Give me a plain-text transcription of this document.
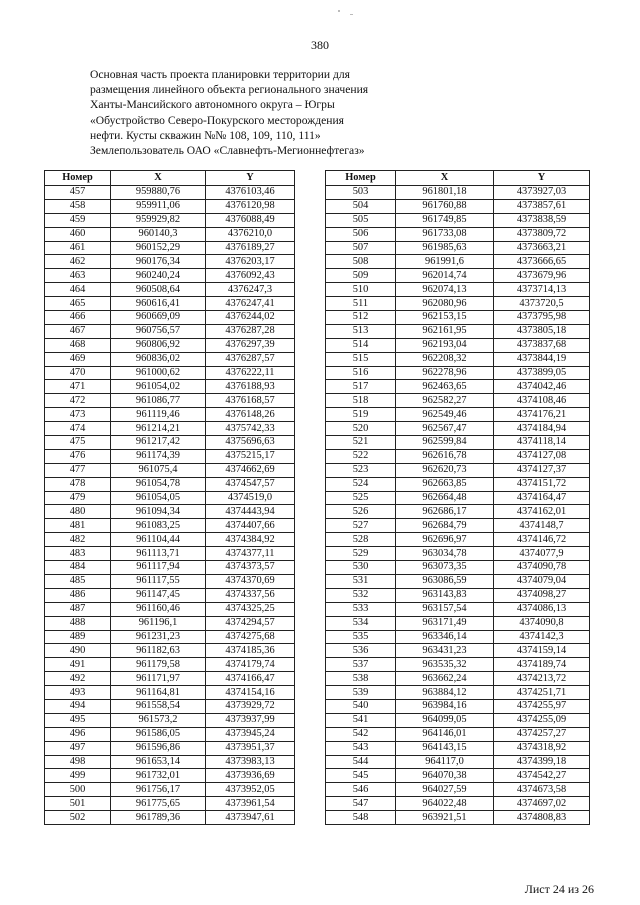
380
Основная часть проекта планировки территории для
размещения линейного объекта регионального значения
Ханты-Мансийского автономного округа – Югры
«Обустройство Северо-Покурского месторождения
нефти. Кусты скважин №№ 108, 109, 110, 111»
Землепользователь ОАО «Славнефть-Мегионнефтегаз»
Номер	X	Y
457	959880,76	4376103,46
458	959911,06	4376120,98
459	959929,82	4376088,49
460	960140,3	4376210,0
461	960152,29	4376189,27
462	960176,34	4376203,17
463	960240,24	4376092,43
464	960508,64	4376247,3
465	960616,41	4376247,41
466	960669,09	4376244,02
467	960756,57	4376287,28
468	960806,92	4376297,39
469	960836,02	4376287,57
470	961000,62	4376222,11
471	961054,02	4376188,93
472	961086,77	4376168,57
473	961119,46	4376148,26
474	961214,21	4375742,33
475	961217,42	4375696,63
476	961174,39	4375215,17
477	961075,4	4374662,69
478	961054,78	4374547,57
479	961054,05	4374519,0
480	961094,34	4374443,94
481	961083,25	4374407,66
482	961104,44	4374384,92
483	961113,71	4374377,11
484	961117,94	4374373,57
485	961117,55	4374370,69
486	961147,45	4374337,56
487	961160,46	4374325,25
488	961196,1	4374294,57
489	961231,23	4374275,68
490	961182,63	4374185,36
491	961179,58	4374179,74
492	961171,97	4374166,47
493	961164,81	4374154,16
494	961558,54	4373929,72
495	961573,2	4373937,99
496	961586,05	4373945,24
497	961596,86	4373951,37
498	961653,14	4373983,13
499	961732,01	4373936,69
500	961756,17	4373952,05
501	961775,65	4373961,54
502	961789,36	4373947,61
Номер	X	Y
503	961801,18	4373927,03
504	961760,88	4373857,61
505	961749,85	4373838,59
506	961733,08	4373809,72
507	961985,63	4373663,21
508	961991,6	4373666,65
509	962014,74	4373679,96
510	962074,13	4373714,13
511	962080,96	4373720,5
512	962153,15	4373795,98
513	962161,95	4373805,18
514	962193,04	4373837,68
515	962208,32	4373844,19
516	962278,96	4373899,05
517	962463,65	4374042,46
518	962582,27	4374108,46
519	962549,46	4374176,21
520	962567,47	4374184,94
521	962599,84	4374118,14
522	962616,78	4374127,08
523	962620,73	4374127,37
524	962663,85	4374151,72
525	962664,48	4374164,47
526	962686,17	4374162,01
527	962684,79	4374148,7
528	962696,97	4374146,72
529	963034,78	4374077,9
530	963073,35	4374090,78
531	963086,59	4374079,04
532	963143,83	4374098,27
533	963157,54	4374086,13
534	963171,49	4374090,8
535	963346,14	4374142,3
536	963431,23	4374159,14
537	963535,32	4374189,74
538	963662,24	4374213,72
539	963884,12	4374251,71
540	963984,16	4374255,97
541	964099,05	4374255,09
542	964146,01	4374257,27
543	964143,15	4374318,92
544	964117,0	4374399,18
545	964070,38	4374542,27
546	964027,59	4374673,58
547	964022,48	4374697,02
548	963921,51	4374808,83
Лист 24 из 26
